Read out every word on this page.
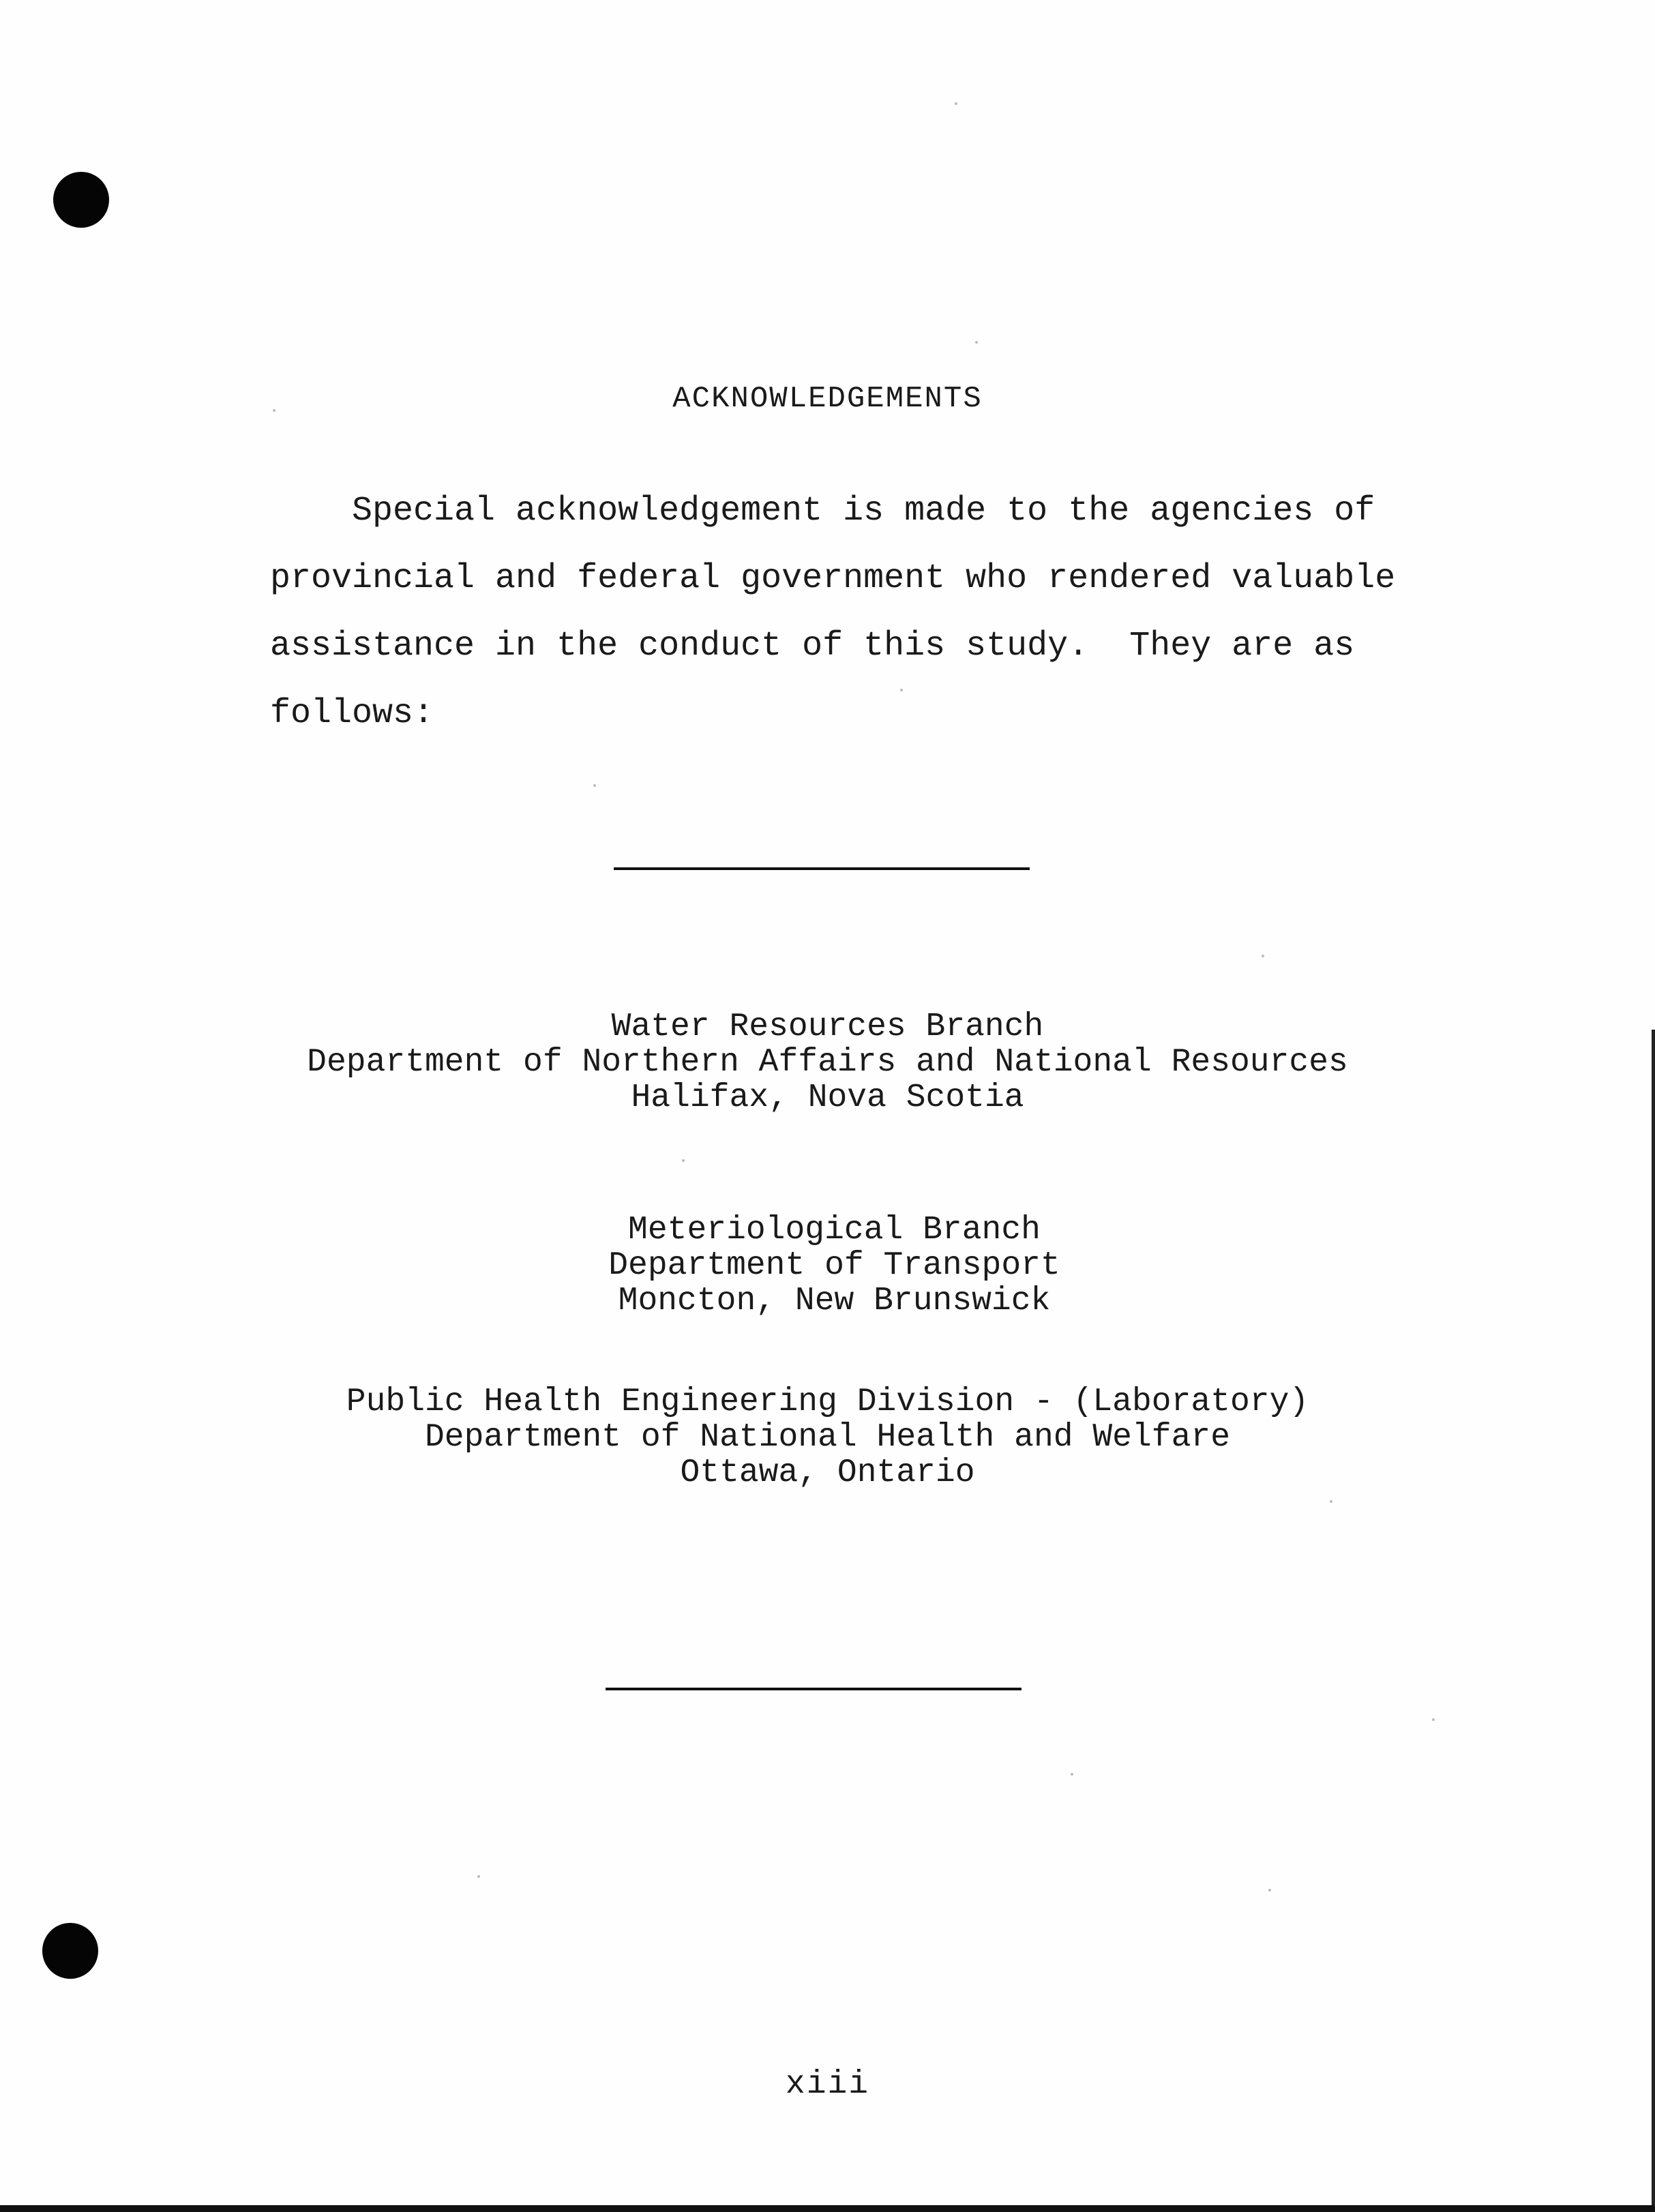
ACKNOWLEDGEMENTS
Special acknowledgement is made to the agencies of
provincial and federal government who rendered valuable
assistance in the conduct of this study.  They are as
follows:
Water Resources Branch
Department of Northern Affairs and National Resources
Halifax, Nova Scotia
Meteriological Branch
Department of Transport
Moncton, New Brunswick
Public Health Engineering Division - (Laboratory)
Department of National Health and Welfare
Ottawa, Ontario
xiii
